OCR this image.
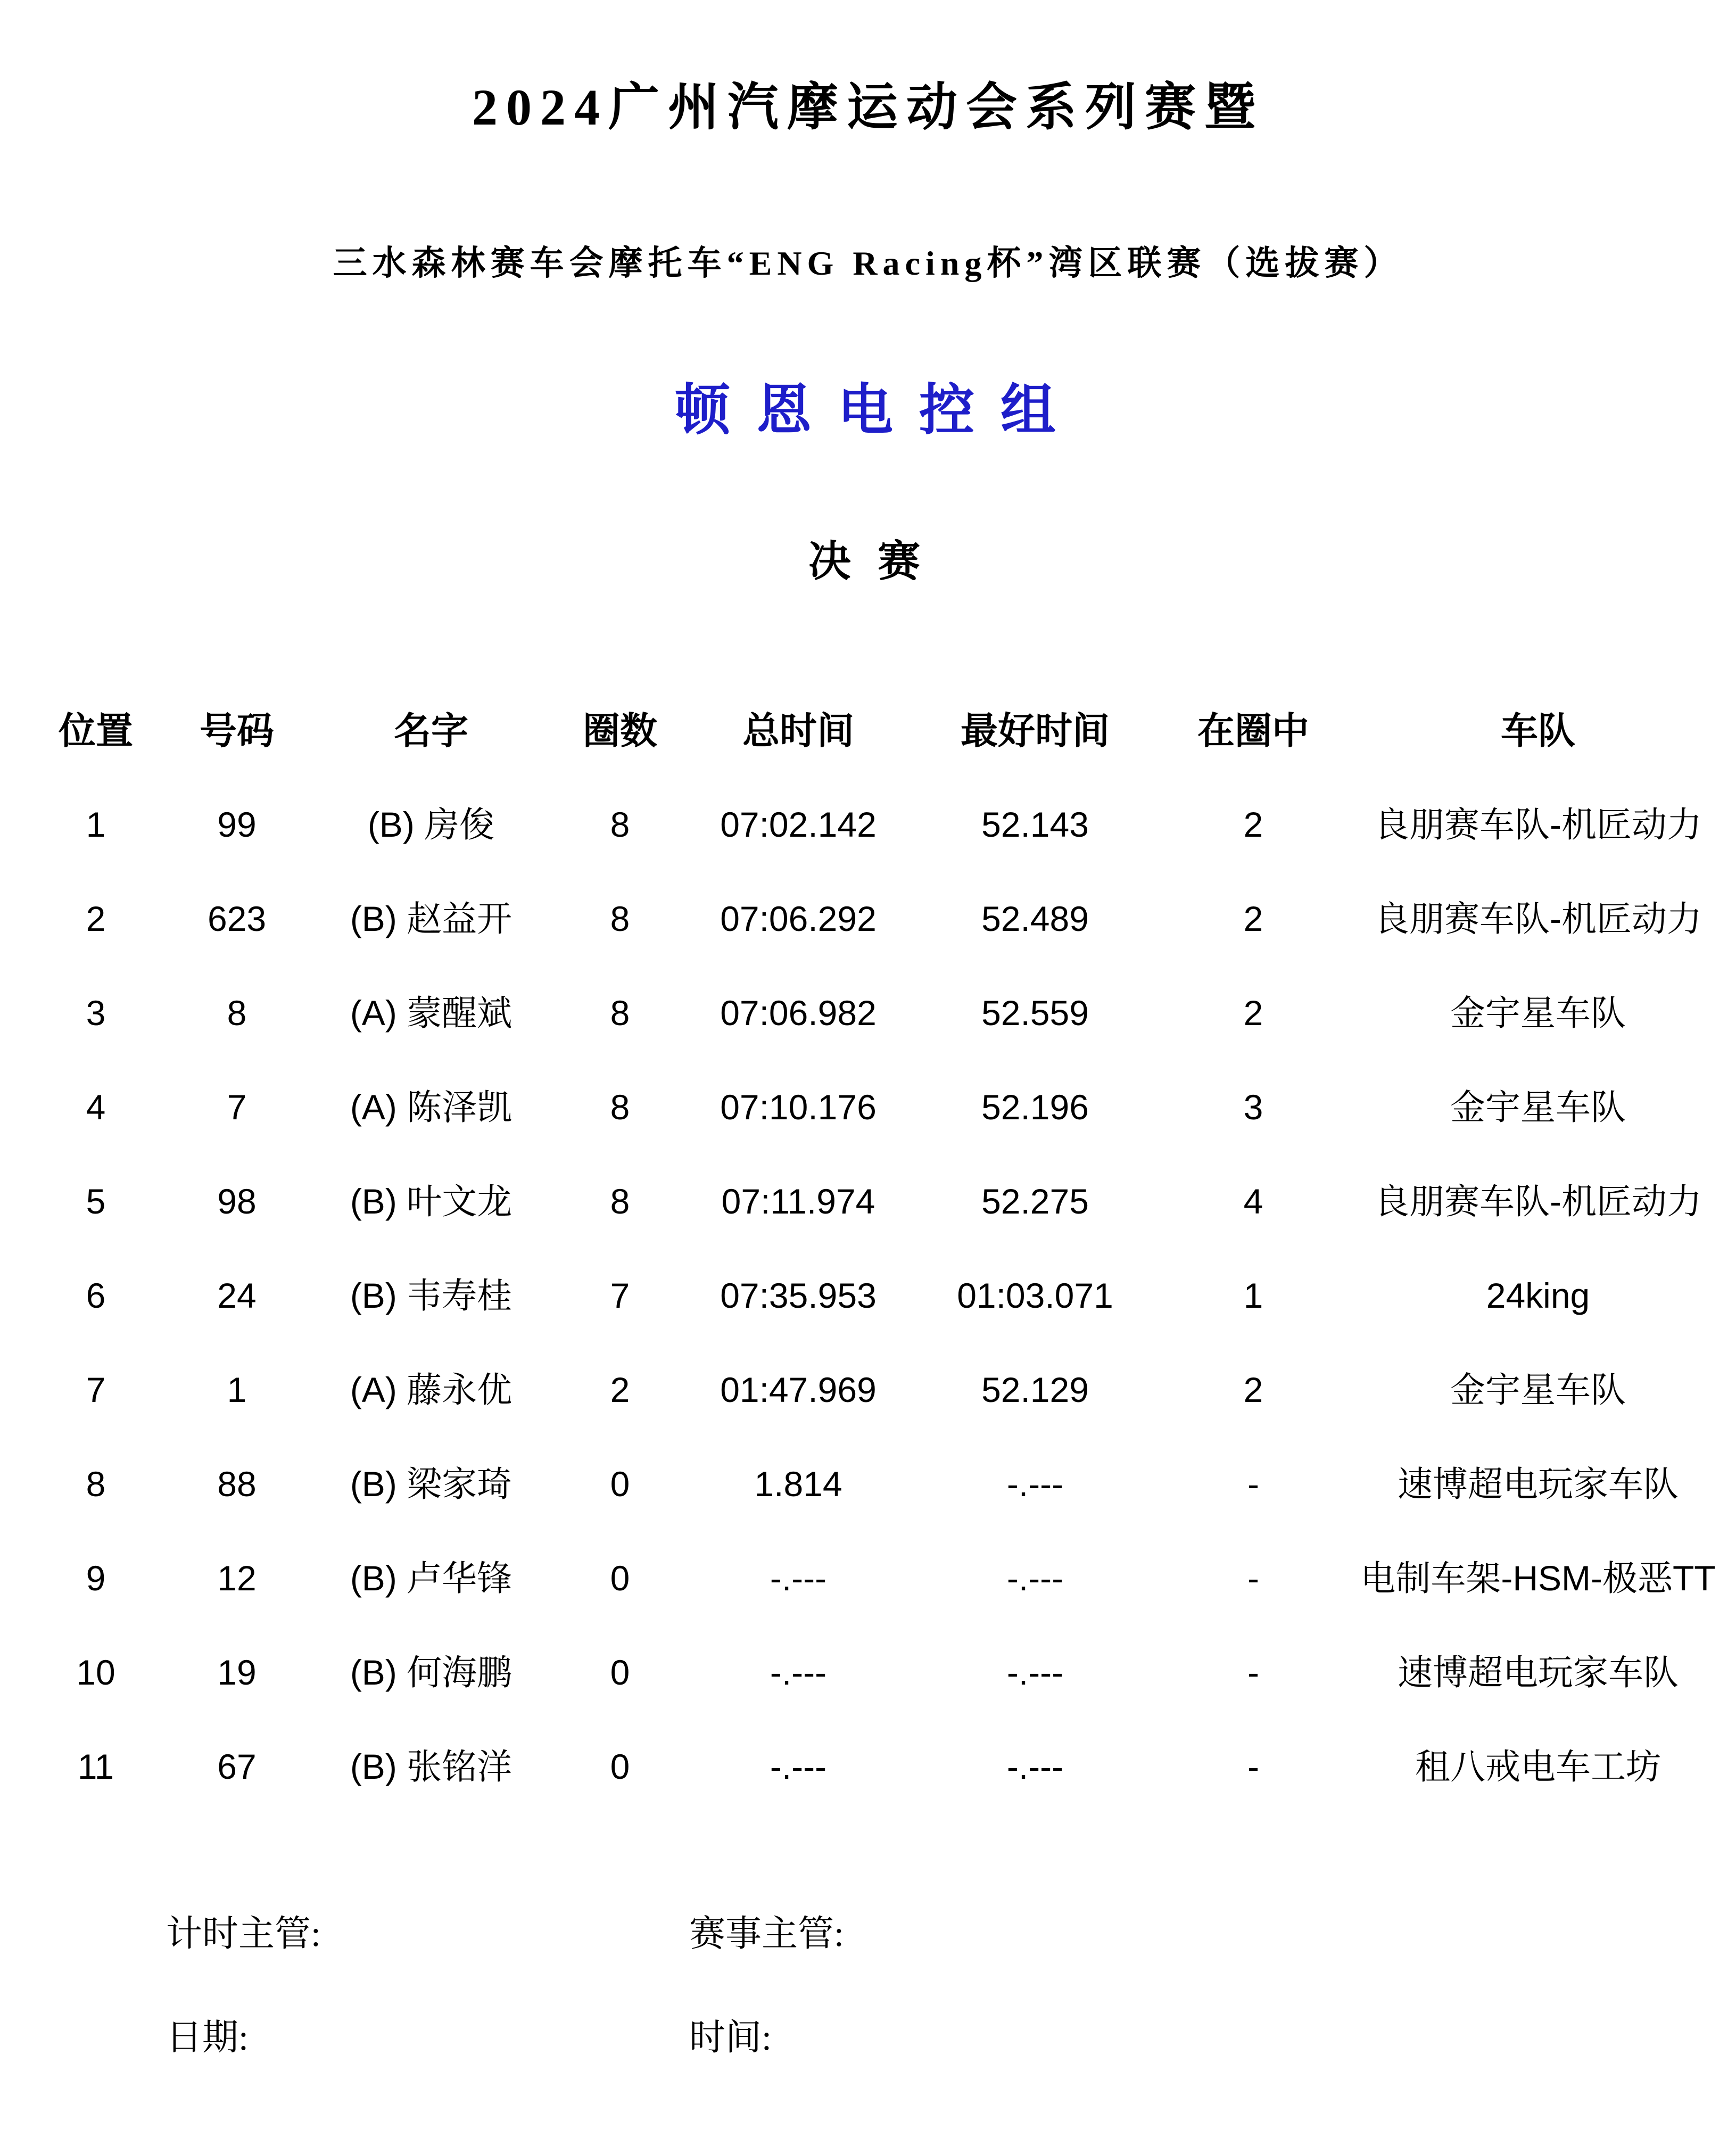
2024广州汽摩运动会系列赛暨
三水森林赛车会摩托车“ENG Racing杯”湾区联赛（选拔赛）
顿 恩 电 控 组
决 赛
位置	号码	名字	圈数	总时间	最好时间	在圈中	车队
1	99	(B) 房俊	8	07:02.142	52.143	2	良朋赛车队-机匠动力
2	623	(B) 赵益开	8	07:06.292	52.489	2	良朋赛车队-机匠动力
3	8	(A) 蒙醒斌	8	07:06.982	52.559	2	金宇星车队
4	7	(A) 陈泽凯	8	07:10.176	52.196	3	金宇星车队
5	98	(B) 叶文龙	8	07:11.974	52.275	4	良朋赛车队-机匠动力
6	24	(B) 韦寿桂	7	07:35.953	01:03.071	1	24king
7	1	(A) 藤永优	2	01:47.969	52.129	2	金宇星车队
8	88	(B) 梁家琦	0	1.814	-.---	-	速博超电玩家车队
9	12	(B) 卢华锋	0	-.---	-.---	-	电制车架-HSM-极恶TT
10	19	(B) 何海鹏	0	-.---	-.---	-	速博超电玩家车队
11	67	(B) 张铭洋	0	-.---	-.---	-	租八戒电车工坊
计时主管:	赛事主管:
日期:	时间:
